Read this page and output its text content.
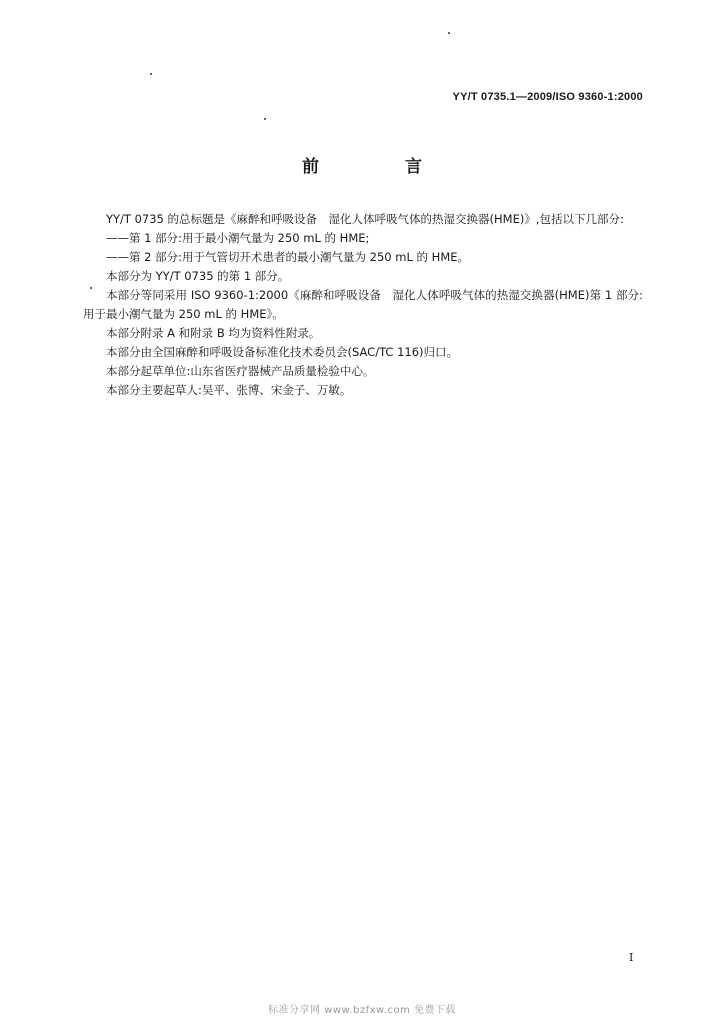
YY/T 0735.1—2009/ISO 9360-1:2000
前 言

YY/T 0735 的总标题是《麻醉和呼吸设备　湿化人体呼吸气体的热湿交换器(HME)》,包括以下几部分:

——第 1 部分:用于最小潮气量为 250 mL 的 HME;

——第 2 部分:用于气管切开术患者的最小潮气量为 250 mL 的 HME。

本部分为 YY/T 0735 的第 1 部分。

本部分等同采用 ISO 9360-1:2000《麻醉和呼吸设备　湿化人体呼吸气体的热湿交换器(HME)第 1 部分:用于最小潮气量为 250 mL 的 HME》。

本部分附录 A 和附录 B 均为资料性附录。

本部分由全国麻醉和呼吸设备标准化技术委员会(SAC/TC 116)归口。

本部分起草单位:山东省医疗器械产品质量检验中心。

本部分主要起草人:吴平、张博、宋金子、万敏。

I
标准分享网 www.bzfxw.com 免费下载
